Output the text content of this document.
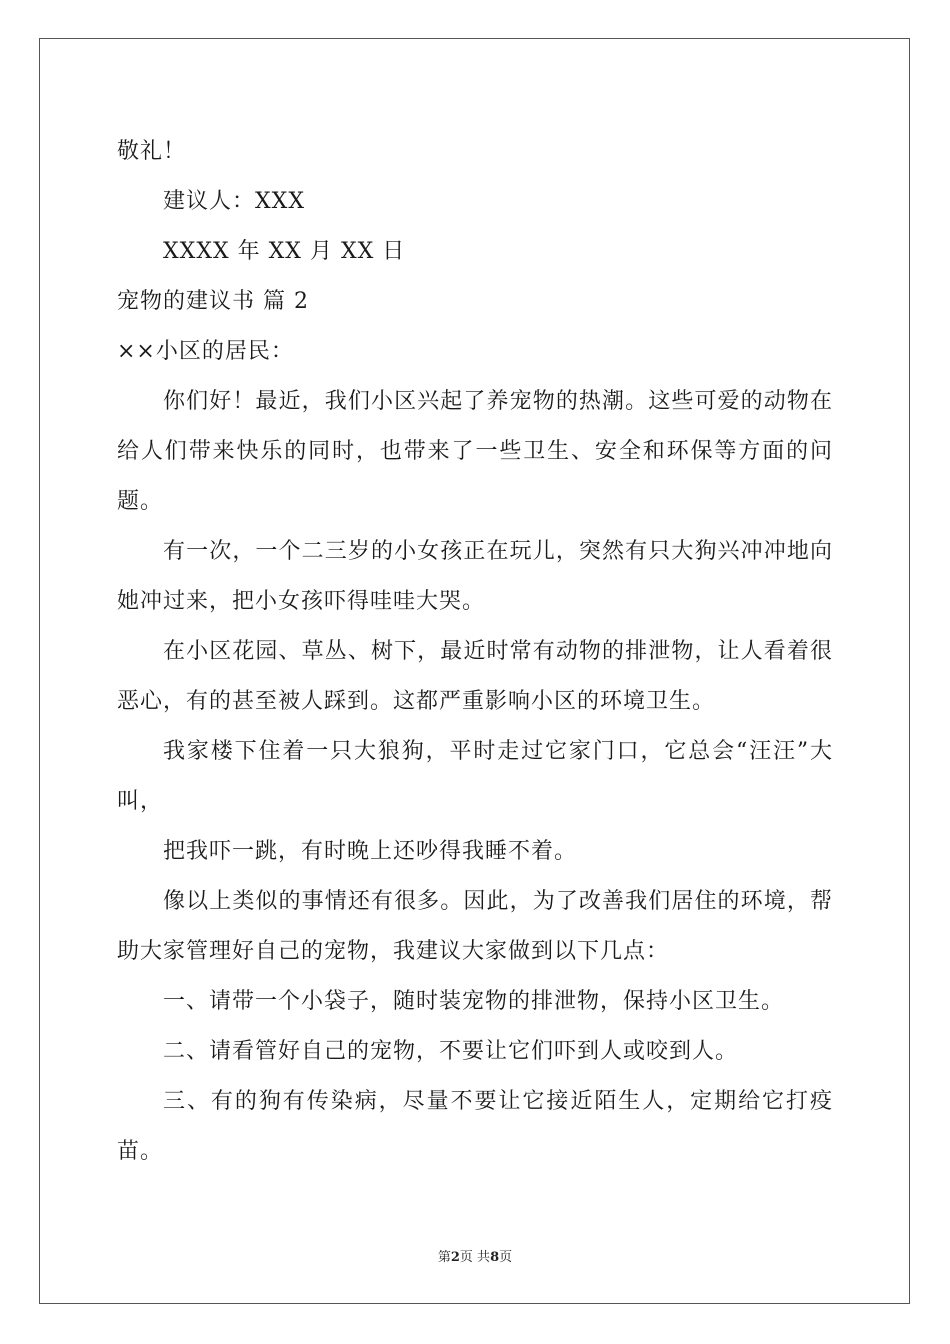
敬礼！
建议人：XXX
XXXX 年 XX 月 XX 日
宠物的建议书 篇 2
××小区的居民：
你们好！最近，我们小区兴起了养宠物的热潮。这些可爱的动物在给人们带来快乐的同时，也带来了一些卫生、安全和环保等方面的问题。
有一次，一个二三岁的小女孩正在玩儿，突然有只大狗兴冲冲地向她冲过来，把小女孩吓得哇哇大哭。
在小区花园、草丛、树下，最近时常有动物的排泄物，让人看着很恶心，有的甚至被人踩到。这都严重影响小区的环境卫生。
我家楼下住着一只大狼狗，平时走过它家门口，它总会“汪汪”大叫，
把我吓一跳，有时晚上还吵得我睡不着。
像以上类似的事情还有很多。因此，为了改善我们居住的环境，帮助大家管理好自己的宠物，我建议大家做到以下几点：
一、请带一个小袋子，随时装宠物的排泄物，保持小区卫生。
二、请看管好自己的宠物，不要让它们吓到人或咬到人。
三、有的狗有传染病，尽量不要让它接近陌生人，定期给它打疫苗。
第2页 共8页
